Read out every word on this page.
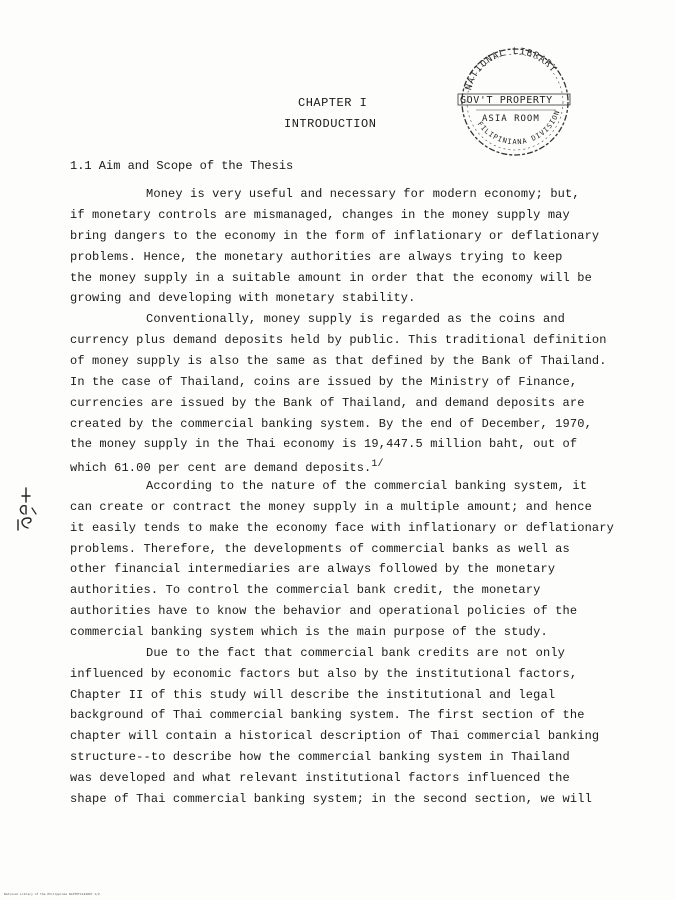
CHAPTER I
INTRODUCTION
NATIONAL LIBRARY
GOV'T PROPERTY
ASIA ROOM
FILIPINIANA DIVISION
1.1 Aim and Scope of the Thesis
Money is very useful and necessary for modern economy; but,
if monetary controls are mismanaged, changes in the money supply may
bring dangers to the economy in the form of inflationary or deflationary
problems. Hence, the monetary authorities are always trying to keep
the money supply in a suitable amount in order that the economy will be
growing and developing with monetary stability.
Conventionally, money supply is regarded as the coins and
currency plus demand deposits held by public. This traditional definition
of money supply is also the same as that defined by the Bank of Thailand.
In the case of Thailand, coins are issued by the Ministry of Finance,
currencies are issued by the Bank of Thailand, and demand deposits are
created by the commercial banking system. By the end of December, 1970,
the money supply in the Thai economy is 19,447.5 million baht, out of
which 61.00 per cent are demand deposits.$^{1/}$
According to the nature of the commercial banking system, it
can create or contract the money supply in a multiple amount; and hence
it easily tends to make the economy face with inflationary or deflationary
problems. Therefore, the developments of commercial banks as well as
other financial intermediaries are always followed by the monetary
authorities. To control the commercial bank credit, the monetary
authorities have to know the behavior and operational policies of the
commercial banking system which is the main purpose of the study.
Due to the fact that commercial bank credits are not only
influenced by economic factors but also by the institutional factors,
Chapter II of this study will describe the institutional and legal
background of Thai commercial banking system. The first section of the
chapter will contain a historical description of Thai commercial banking
structure--to describe how the commercial banking system in Thailand
was developed and what relevant institutional factors influenced the
shape of Thai commercial banking system; in the second section, we will
National Library of the Philippines NLPTPT1144007 1/2
